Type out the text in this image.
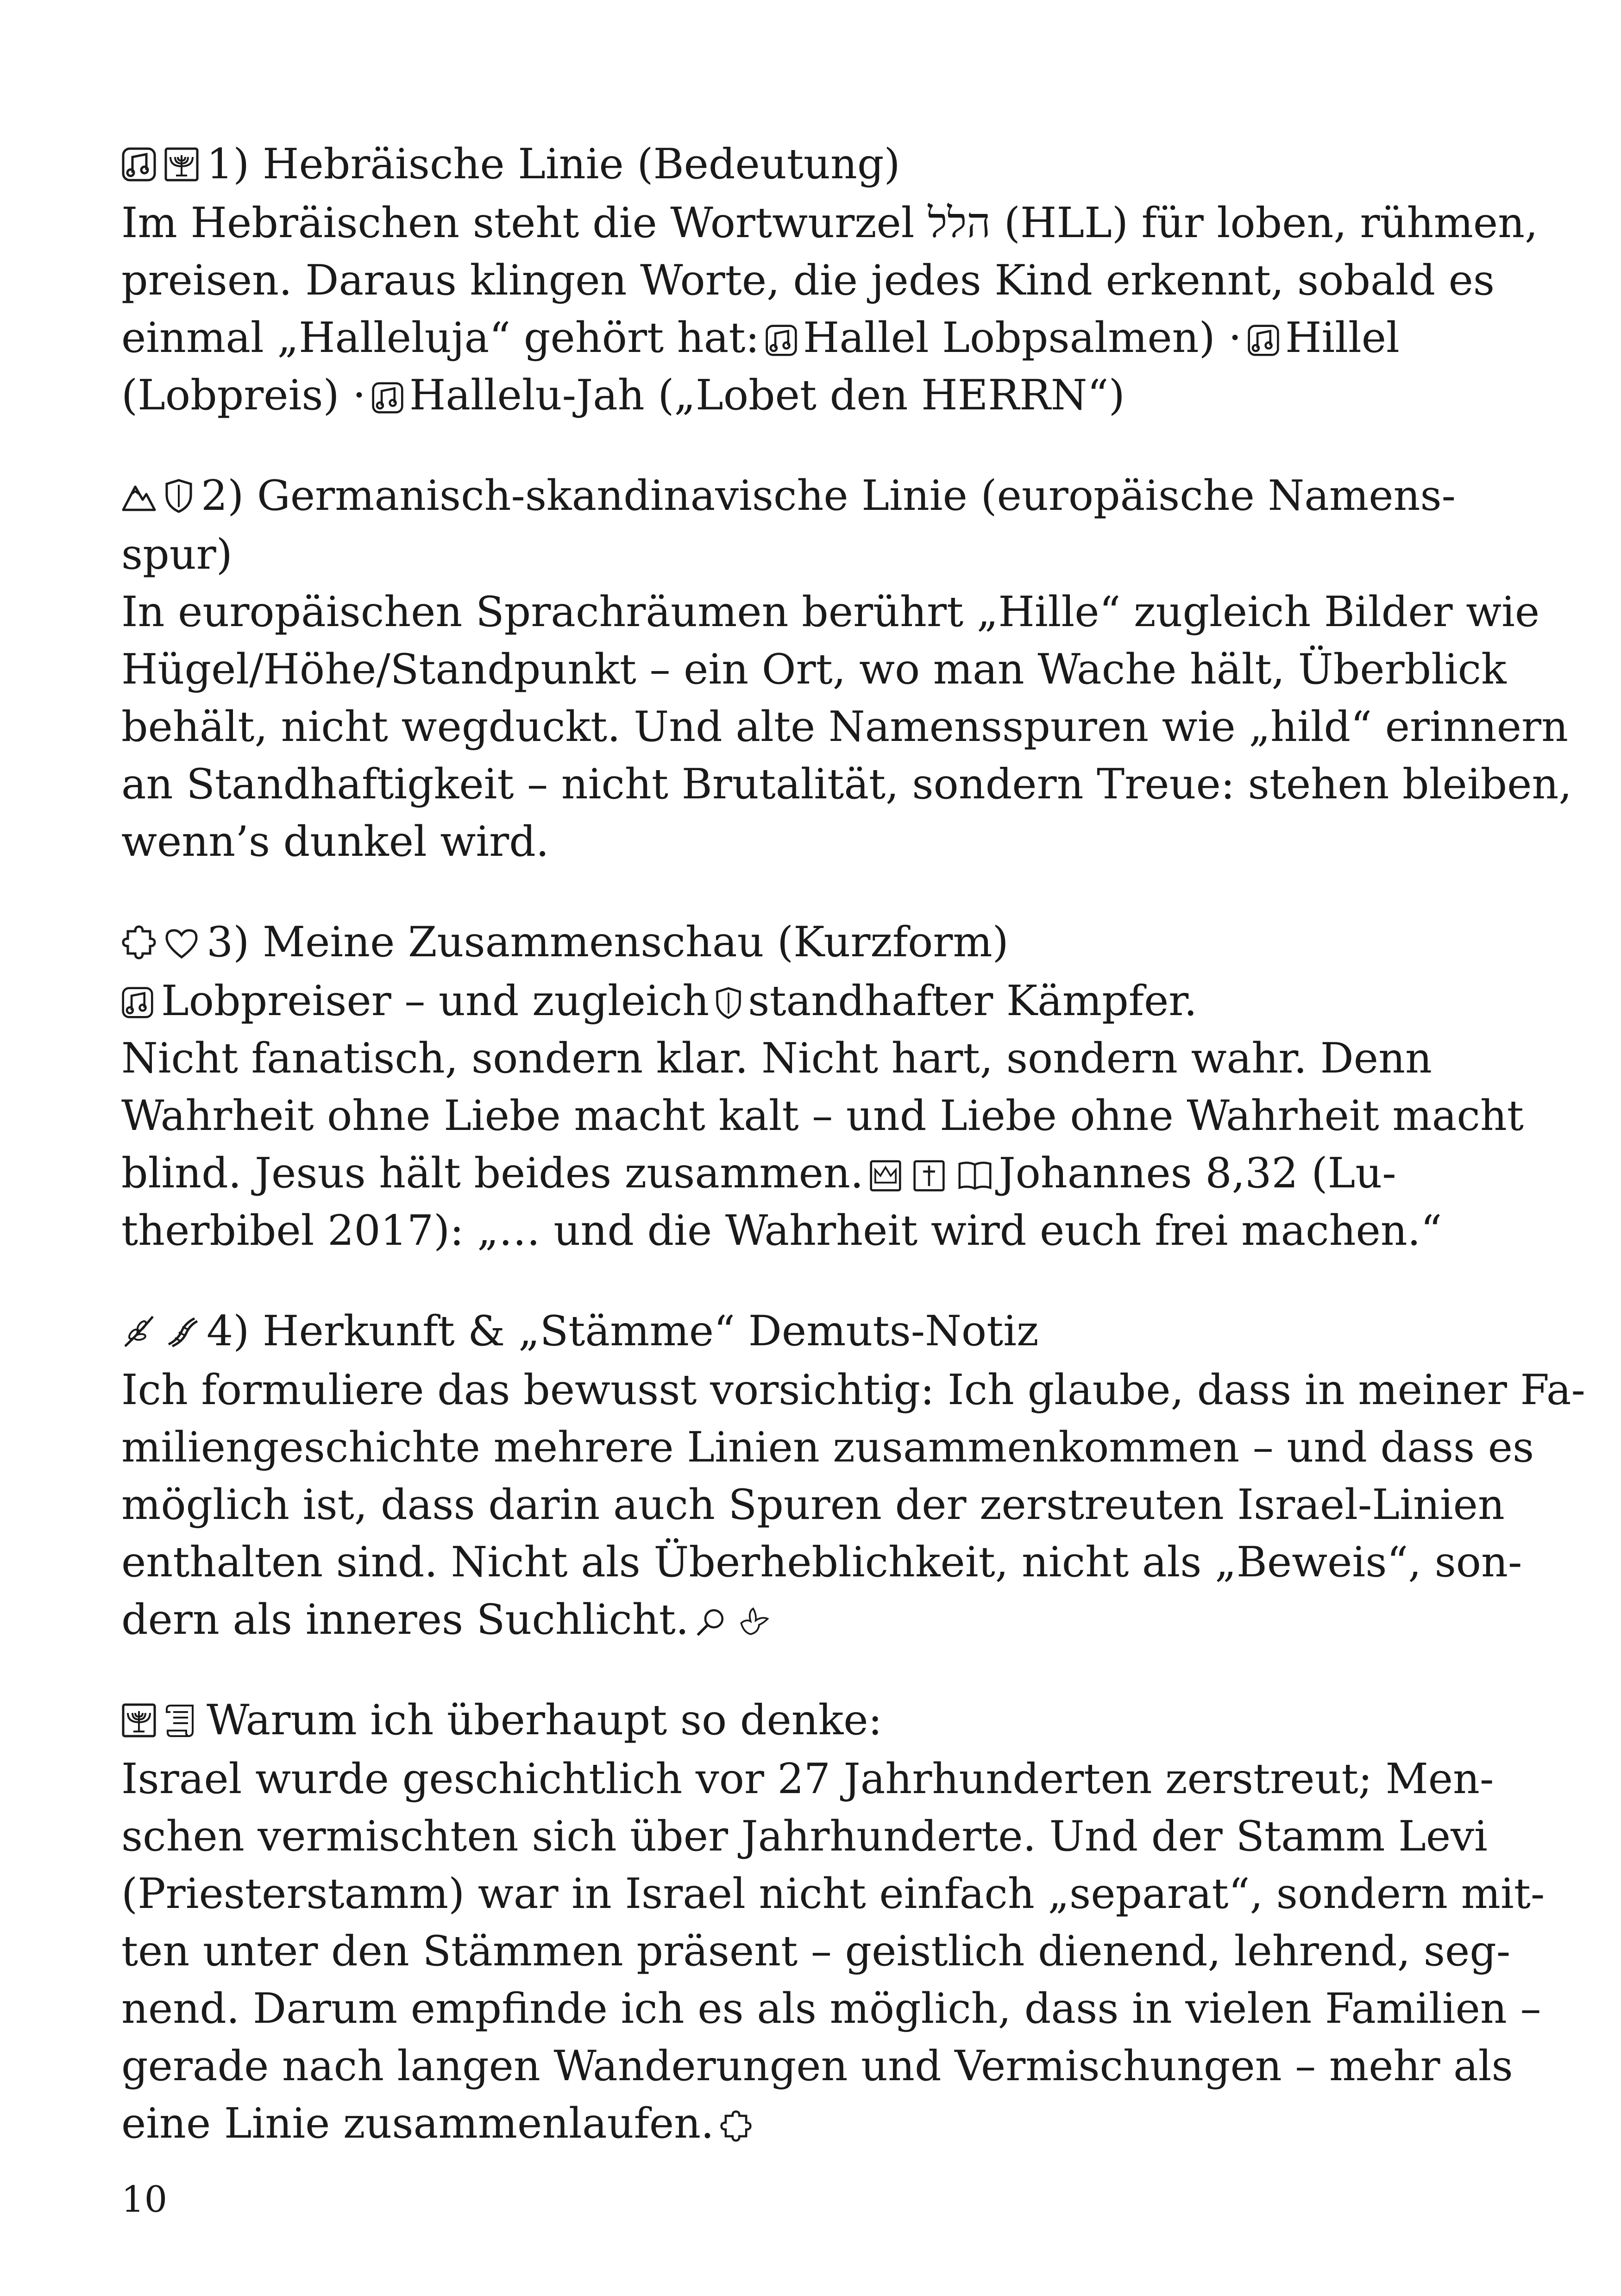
1) Hebräische Linie (Bedeutung)
Im Hebräischen steht die Wortwurzel הלל (HLL) für loben, rühmen,
preisen. Daraus klingen Worte, die jedes Kind erkennt, sobald es
einmal „Halleluja“ gehört hat: Hallel Lobpsalmen) · Hillel
(Lobpreis) · Hallelu-Jah („Lobet den HERRN“)
2) Germanisch-skandinavische Linie (europäische Namens-
spur)
In europäischen Sprachräumen berührt „Hille“ zugleich Bilder wie
Hügel/Höhe/Standpunkt – ein Ort, wo man Wache hält, Überblick
behält, nicht wegduckt. Und alte Namensspuren wie „hild“ erinnern
an Standhaftigkeit – nicht Brutalität, sondern Treue: stehen bleiben,
wenn’s dunkel wird.
3) Meine Zusammenschau (Kurzform)
Lobpreiser – und zugleich standhafter Kämpfer.
Nicht fanatisch, sondern klar. Nicht hart, sondern wahr. Denn
Wahrheit ohne Liebe macht kalt – und Liebe ohne Wahrheit macht
blind. Jesus hält beides zusammen.	Johannes 8,32 (Lu-
therbibel 2017): „… und die Wahrheit wird euch frei machen.“
4) Herkunft & „Stämme“ Demuts-Notiz
Ich formuliere das bewusst vorsichtig: Ich glaube, dass in meiner Fa-
miliengeschichte mehrere Linien zusammenkommen – und dass es
möglich ist, dass darin auch Spuren der zerstreuten Israel-Linien
enthalten sind. Nicht als Überheblichkeit, nicht als „Beweis“, son-
dern als inneres Suchlicht.
Warum ich überhaupt so denke:
Israel wurde geschichtlich vor 27 Jahrhunderten zerstreut; Men-
schen vermischten sich über Jahrhunderte. Und der Stamm Levi
(Priesterstamm) war in Israel nicht einfach „separat“, sondern mit-
ten unter den Stämmen präsent – geistlich dienend, lehrend, seg-
nend. Darum empfinde ich es als möglich, dass in vielen Familien –
gerade nach langen Wanderungen und Vermischungen – mehr als
eine Linie zusammenlaufen.
10
